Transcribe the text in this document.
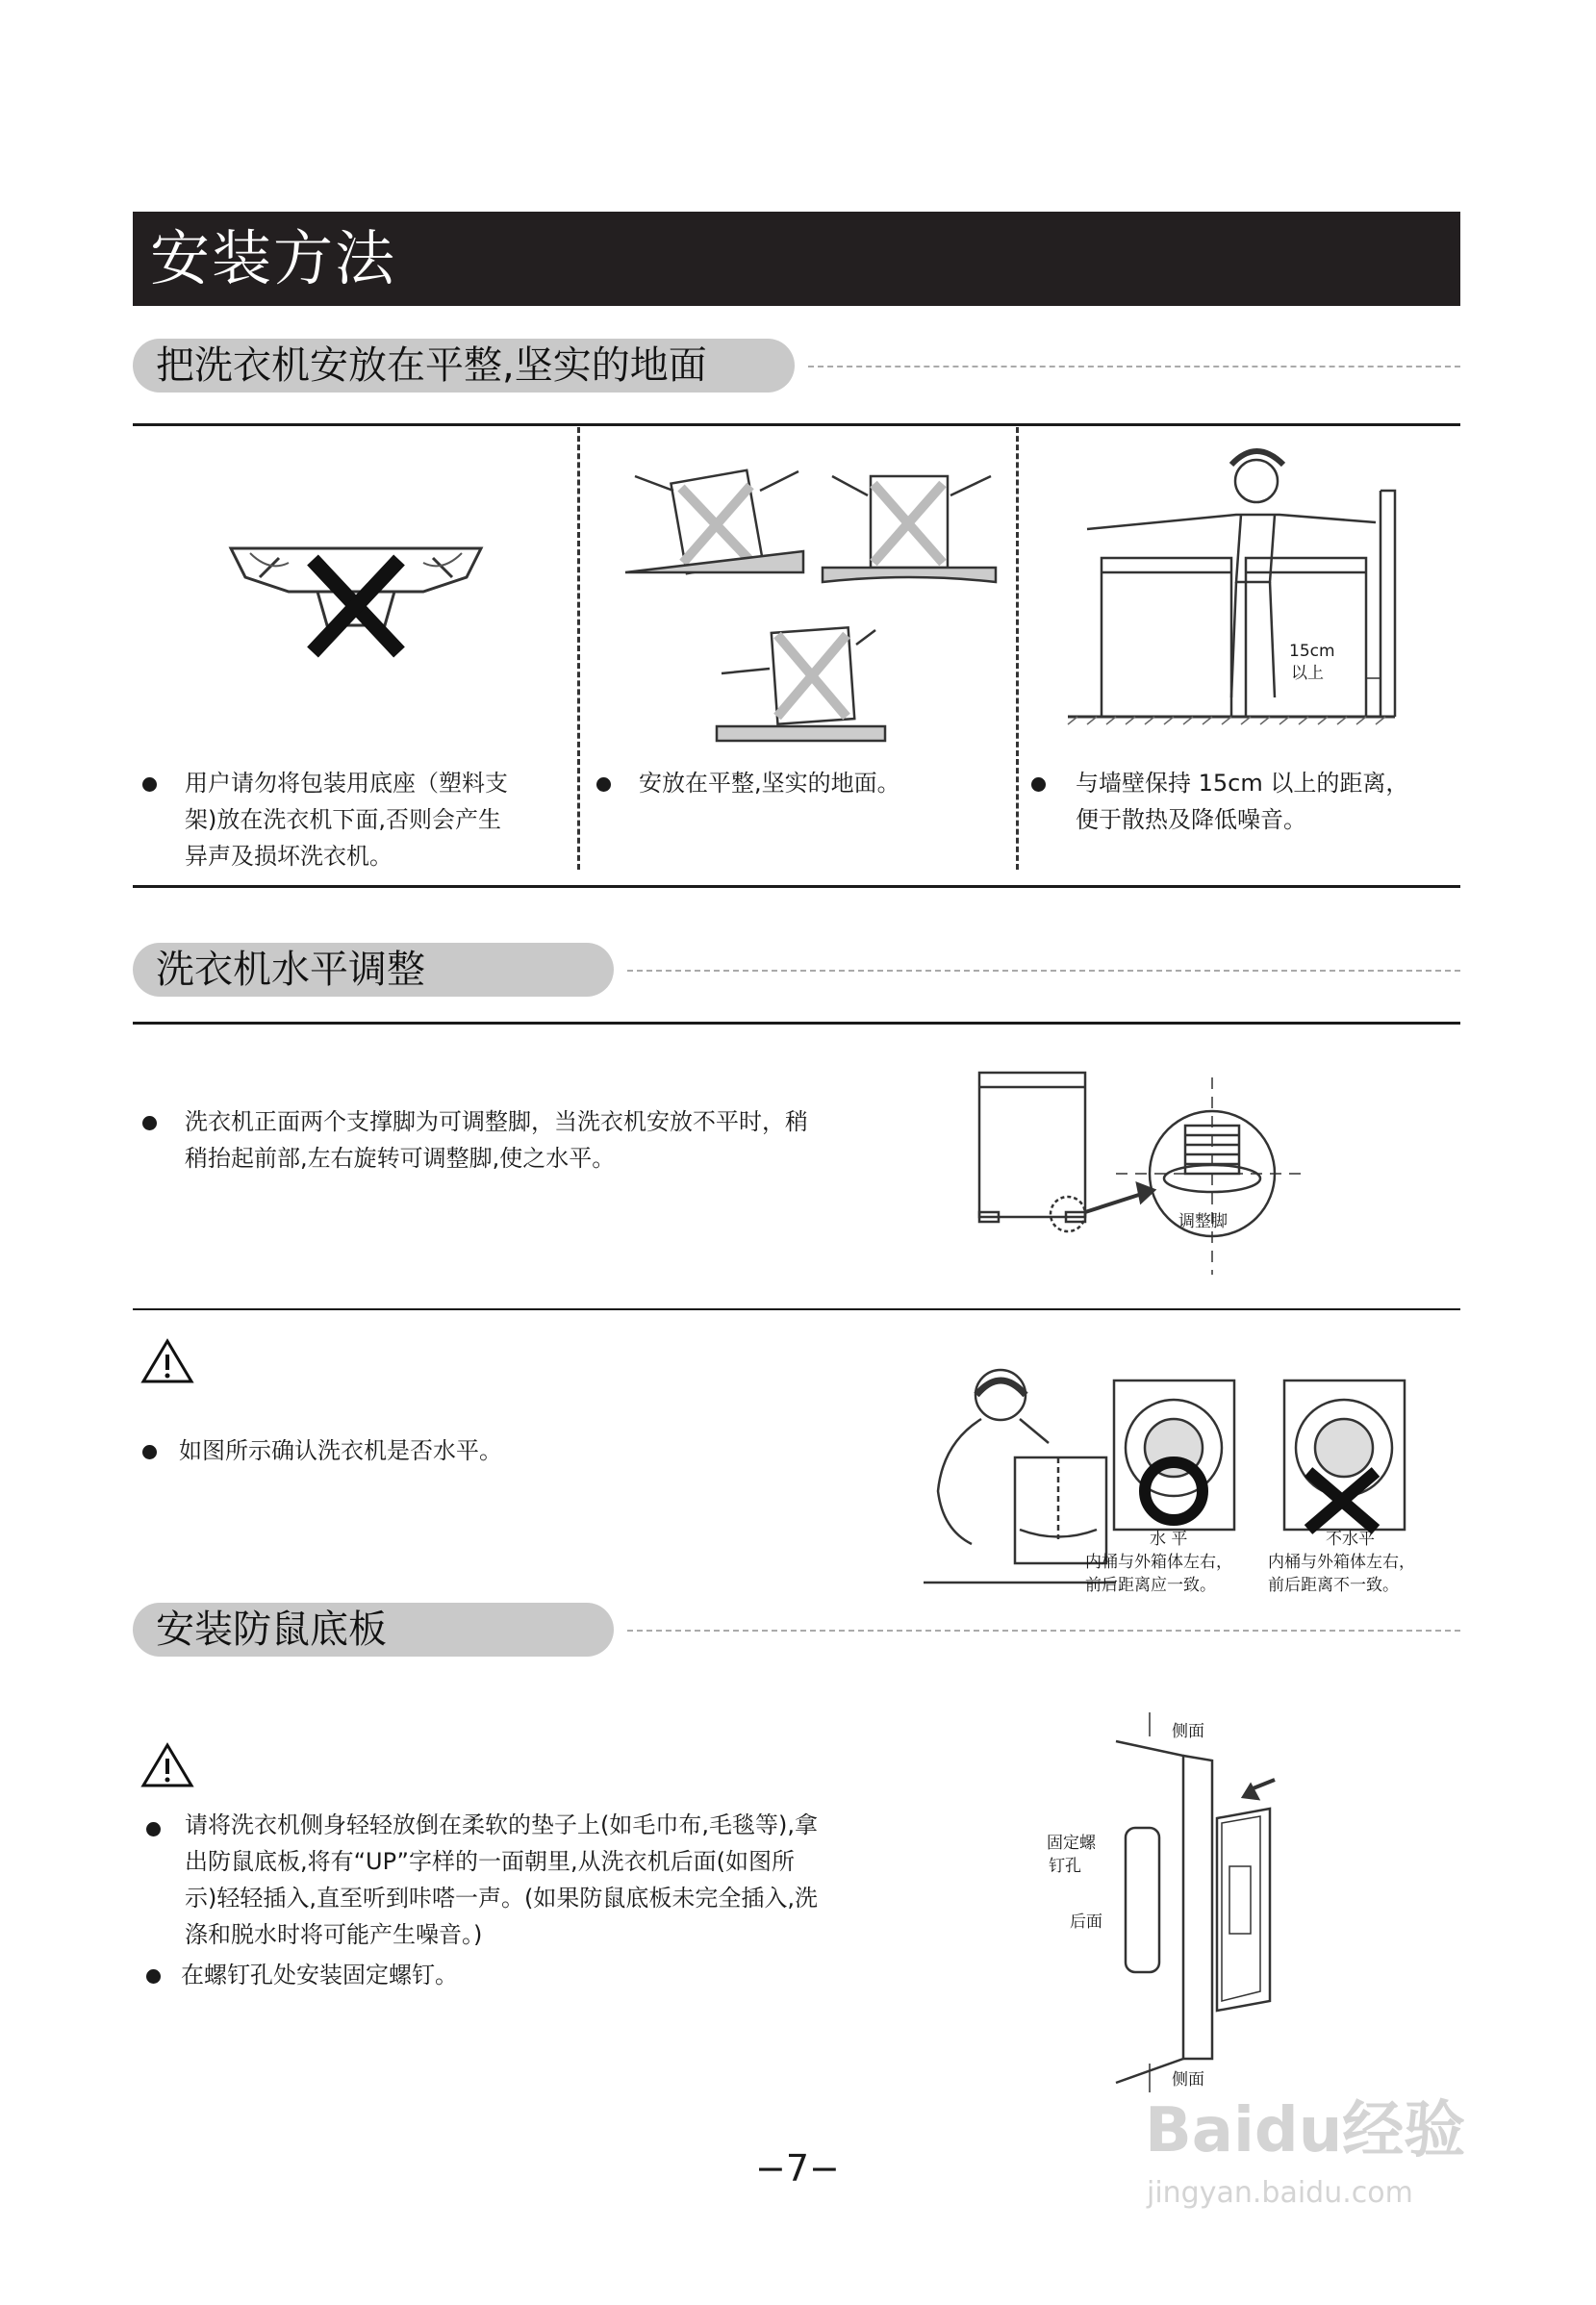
安装方法
把洗衣机安放在平整,坚实的地面
15cm
以上
用户请勿将包装用底座（塑料支
架)放在洗衣机下面,否则会产生
异声及损坏洗衣机。
安放在平整,坚实的地面。	与墙壁保持 15cm 以上的距离，
便于散热及降低噪音。
洗衣机水平调整
洗衣机正面两个支撑脚为可调整脚，当洗衣机安放不平时，稍
稍抬起前部,左右旋转可调整脚,使之水平。
调整脚
如图所示确认洗衣机是否水平。
水 平
内桶与外箱体左右，
前后距离应一致。
不水平
内桶与外箱体左右，
前后距离不一致。
安装防鼠底板
请将洗衣机侧身轻轻放倒在柔软的垫子上(如毛巾布,毛毯等),拿
出防鼠底板,将有“UP”字样的一面朝里,从洗衣机后面(如图所
示)轻轻插入,直至听到咔嗒一声。(如果防鼠底板未完全插入,洗
涤和脱水时将可能产生噪音。)
在螺钉孔处安装固定螺钉。
侧面
固定螺
钉孔
后面
侧面
−7−
Baidu经验
jingyan.baidu.com
